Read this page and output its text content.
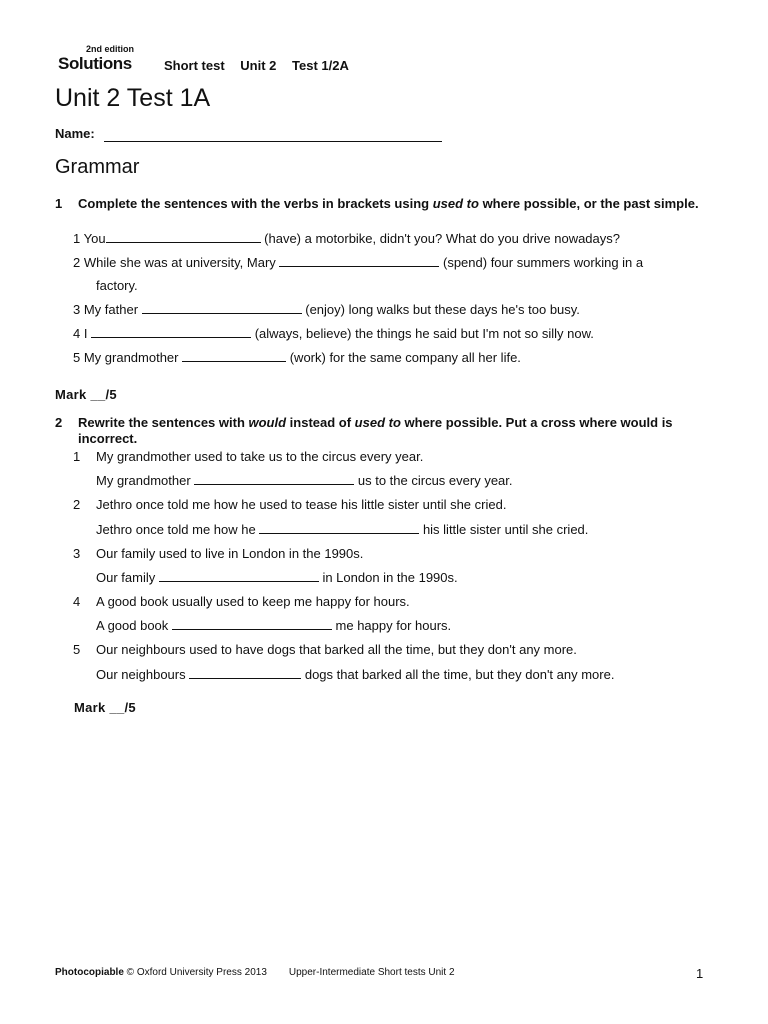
2nd edition
Solutions Short test Unit 2 Test 1/2A
Unit 2 Test 1A
Name:
Grammar
1 Complete the sentences with the verbs in brackets using used to where possible, or the past simple.
1 You	(have) a motorbike, didn't you? What do you drive nowadays?
2 While she was at university, Mary	(spend) four summers working in a
factory.
3 My father	(enjoy) long walks but these days he's too busy.
4 I	(always, believe) the things he said but I'm not so silly now.
5 My grandmother	(work) for the same company all her life.
Mark __/5
2 Rewrite the sentences with would instead of used to where possible. Put a cross where would is incorrect.
1 My grandmother used to take us to the circus every year.
My grandmother	us to the circus every year.
2 Jethro once told me how he used to tease his little sister until she cried.
Jethro once told me how he	his little sister until she cried.
3 Our family used to live in London in the 1990s.
Our family	in London in the 1990s.
4 A good book usually used to keep me happy for hours.
A good book	me happy for hours.
5 Our neighbours used to have dogs that barked all the time, but they don't any more.
Our neighbours	dogs that barked all the time, but they don't any more.
Mark __/5
Photocopiable © Oxford University Press 2013 Upper-Intermediate Short tests Unit 2	1
